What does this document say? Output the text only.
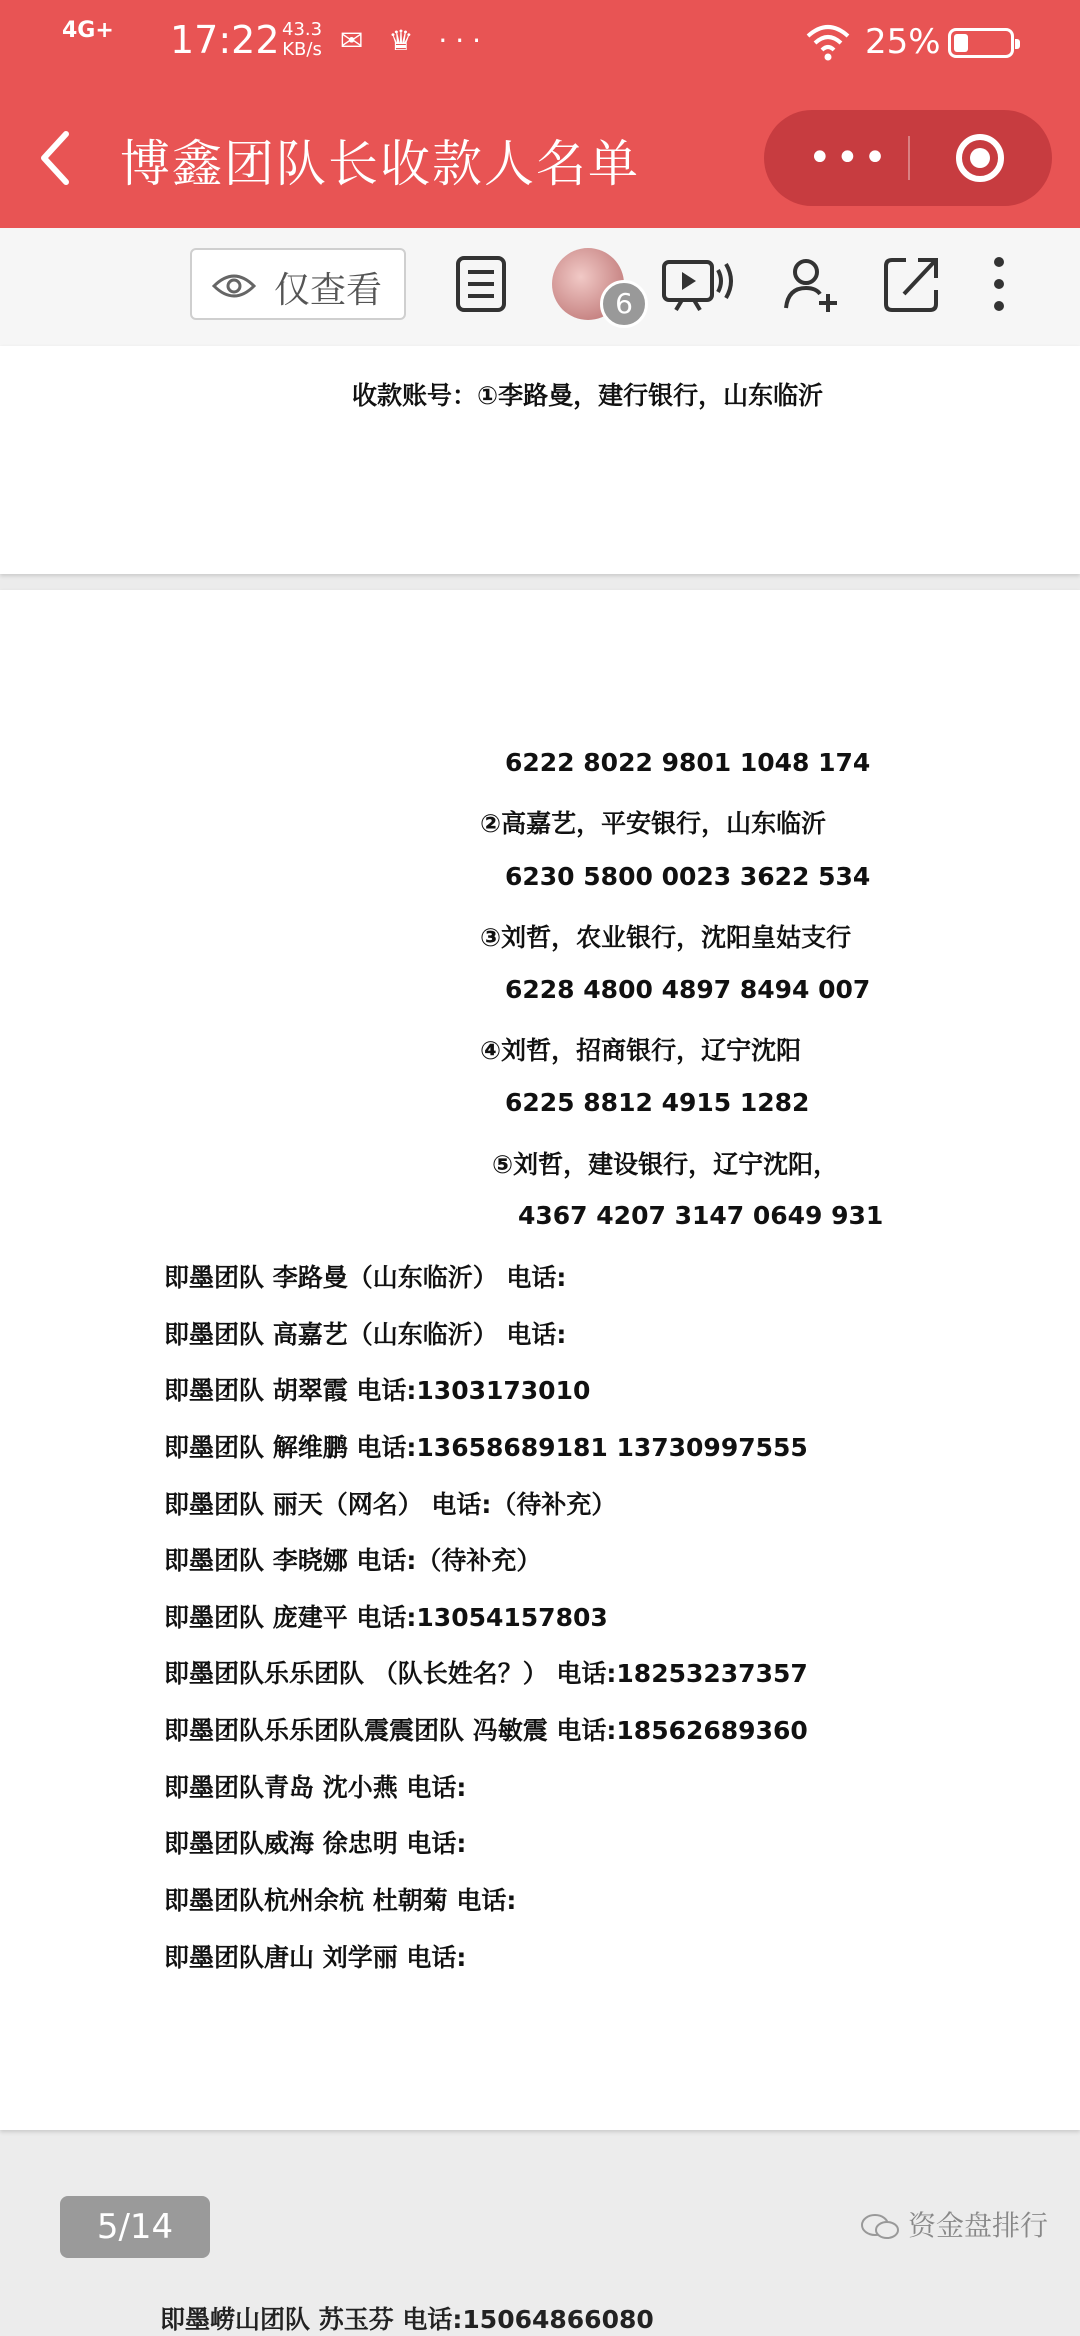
4G+ 17:22 43.3
KB/s ✉ ♛ ···	25%
博鑫团队长收款人名单	•••
仅查看	6
收款账号：①李路曼，建行银行，山东临沂
6222 8022 9801 1048 174
②高嘉艺，平安银行，山东临沂
6230 5800 0023 3622 534
③刘哲，农业银行，沈阳皇姑支行
6228 4800 4897 8494 007
④刘哲，招商银行，辽宁沈阳
6225 8812 4915 1282
⑤刘哲，建设银行，辽宁沈阳，
4367 4207 3147 0649 931
即墨团队 李路曼（山东临沂） 电话:
即墨团队 高嘉艺（山东临沂） 电话:
即墨团队 胡翠霞 电话:1303173010
即墨团队 解维鹏 电话:13658689181 13730997555
即墨团队 丽天（网名） 电话:（待补充）
即墨团队 李晓娜 电话:（待补充）
即墨团队 庞建平 电话:13054157803
即墨团队乐乐团队 （队长姓名？） 电话:18253237357
即墨团队乐乐团队震震团队 冯敏震 电话:18562689360
即墨团队青岛 沈小燕 电话:
即墨团队威海 徐忠明 电话:
即墨团队杭州余杭 杜朝菊 电话:
即墨团队唐山 刘学丽 电话:
5/14	资金盘排行
即墨崂山团队 苏玉芬 电话:15064866080
